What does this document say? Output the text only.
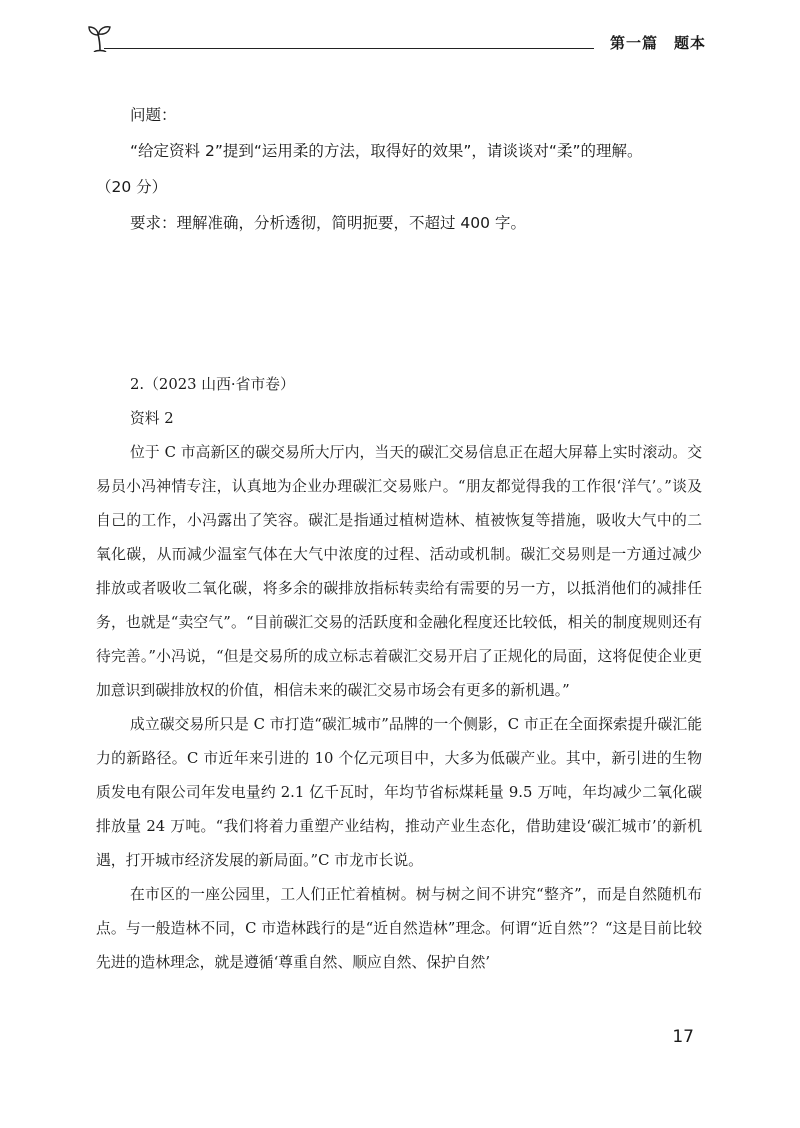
第一篇　题本

问题：

“给定资料 2”提到“运用柔的方法，取得好的效果”，请谈谈对“柔”的理解。

（20 分）

要求：理解准确，分析透彻，简明扼要，不超过 400 字。

2.（2023 山西·省市卷）

资料 2

位于 C 市高新区的碳交易所大厅内，当天的碳汇交易信息正在超大屏幕上实时滚动。交易员小冯神情专注，认真地为企业办理碳汇交易账户。“朋友都觉得我的工作很‘洋气’。”谈及自己的工作，小冯露出了笑容。碳汇是指通过植树造林、植被恢复等措施，吸收大气中的二氧化碳，从而减少温室气体在大气中浓度的过程、活动或机制。碳汇交易则是一方通过减少排放或者吸收二氧化碳，将多余的碳排放指标转卖给有需要的另一方，以抵消他们的减排任务，也就是“卖空气”。“目前碳汇交易的活跃度和金融化程度还比较低，相关的制度规则还有待完善。”小冯说，“但是交易所的成立标志着碳汇交易开启了正规化的局面，这将促使企业更加意识到碳排放权的价值，相信未来的碳汇交易市场会有更多的新机遇。”

成立碳交易所只是 C 市打造“碳汇城市”品牌的一个侧影，C 市正在全面探索提升碳汇能力的新路径。C 市近年来引进的 10 个亿元项目中，大多为低碳产业。其中，新引进的生物质发电有限公司年发电量约 2.1 亿千瓦时，年均节省标煤耗量 9.5 万吨，年均减少二氧化碳排放量 24 万吨。“我们将着力重塑产业结构，推动产业生态化，借助建设‘碳汇城市’的新机遇，打开城市经济发展的新局面。”C 市龙市长说。

在市区的一座公园里，工人们正忙着植树。树与树之间不讲究“整齐”，而是自然随机布点。与一般造林不同，C 市造林践行的是“近自然造林”理念。何谓“近自然”？“这是目前比较先进的造林理念，就是遵循‘尊重自然、顺应自然、保护自然’

17
